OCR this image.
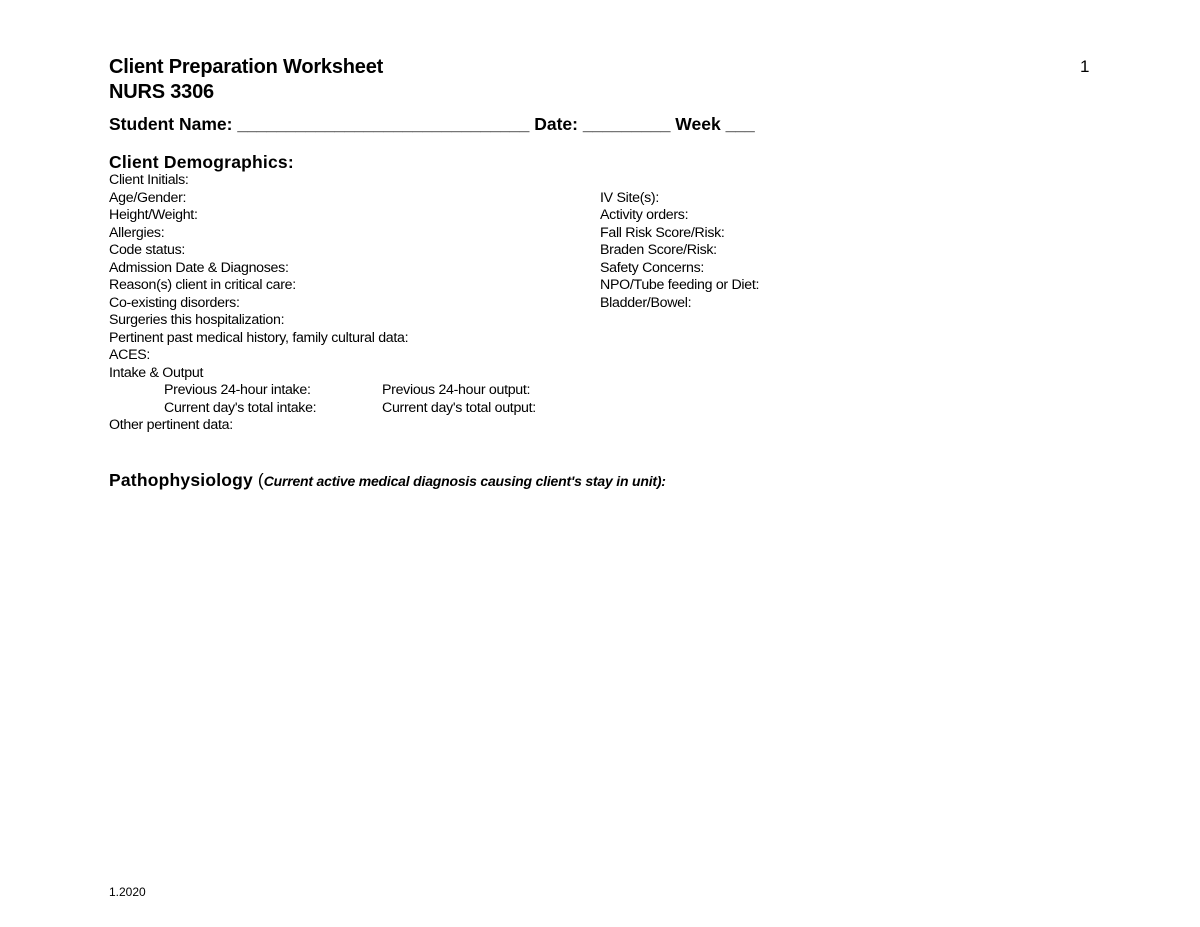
Client Preparation Worksheet
NURS 3306
1
Student Name: ______________________________ Date: _________ Week ___
Client Demographics:
Client Initials:
Age/Gender:
Height/Weight:
Allergies:
Code status:
Admission Date & Diagnoses:
Reason(s) client in critical care:
Co-existing disorders:
Surgeries this hospitalization:
Pertinent past medical history, family cultural data:
ACES:
Intake & Output
Previous 24-hour intake:	Previous 24-hour output:
Current day's total intake:	Current day's total output:
Other pertinent data:
IV Site(s):
Activity orders:
Fall Risk Score/Risk:
Braden Score/Risk:
Safety Concerns:
NPO/Tube feeding or Diet:
Bladder/Bowel:
Pathophysiology (Current active medical diagnosis causing client's stay in unit):
1.2020
